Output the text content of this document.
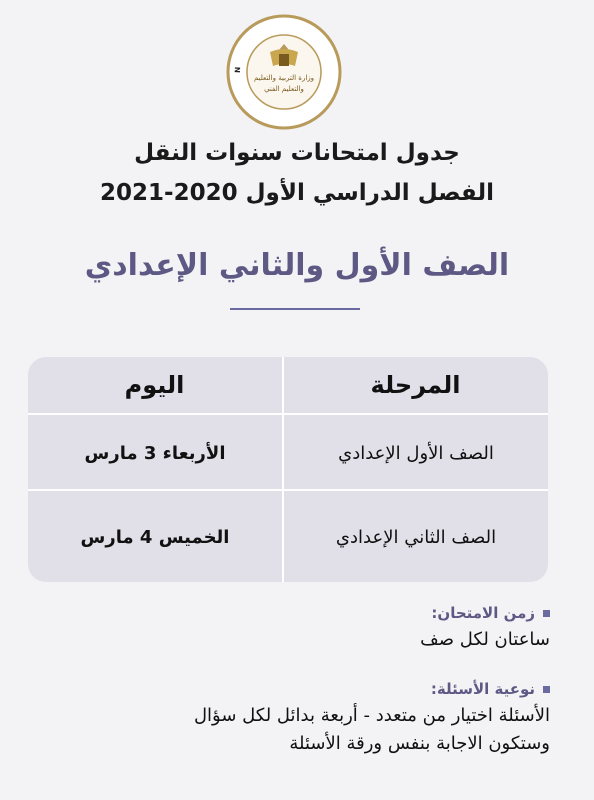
N
وزارة التربية والتعليم
والتعليم الفني
جدول امتحانات سنوات النقل
الفصل الدراسي الأول 2020-2021
الصف الأول والثاني الإعدادي
المرحلة
اليوم
الصف الأول الإعدادي
الأربعاء 3 مارس
الصف الثاني الإعدادي
الخميس 4 مارس
زمن الامتحان:
ساعتان لكل صف
نوعية الأسئلة:
الأسئلة اختيار من متعدد - أربعة بدائل لكل سؤال
وستكون الاجابة بنفس ورقة الأسئلة
